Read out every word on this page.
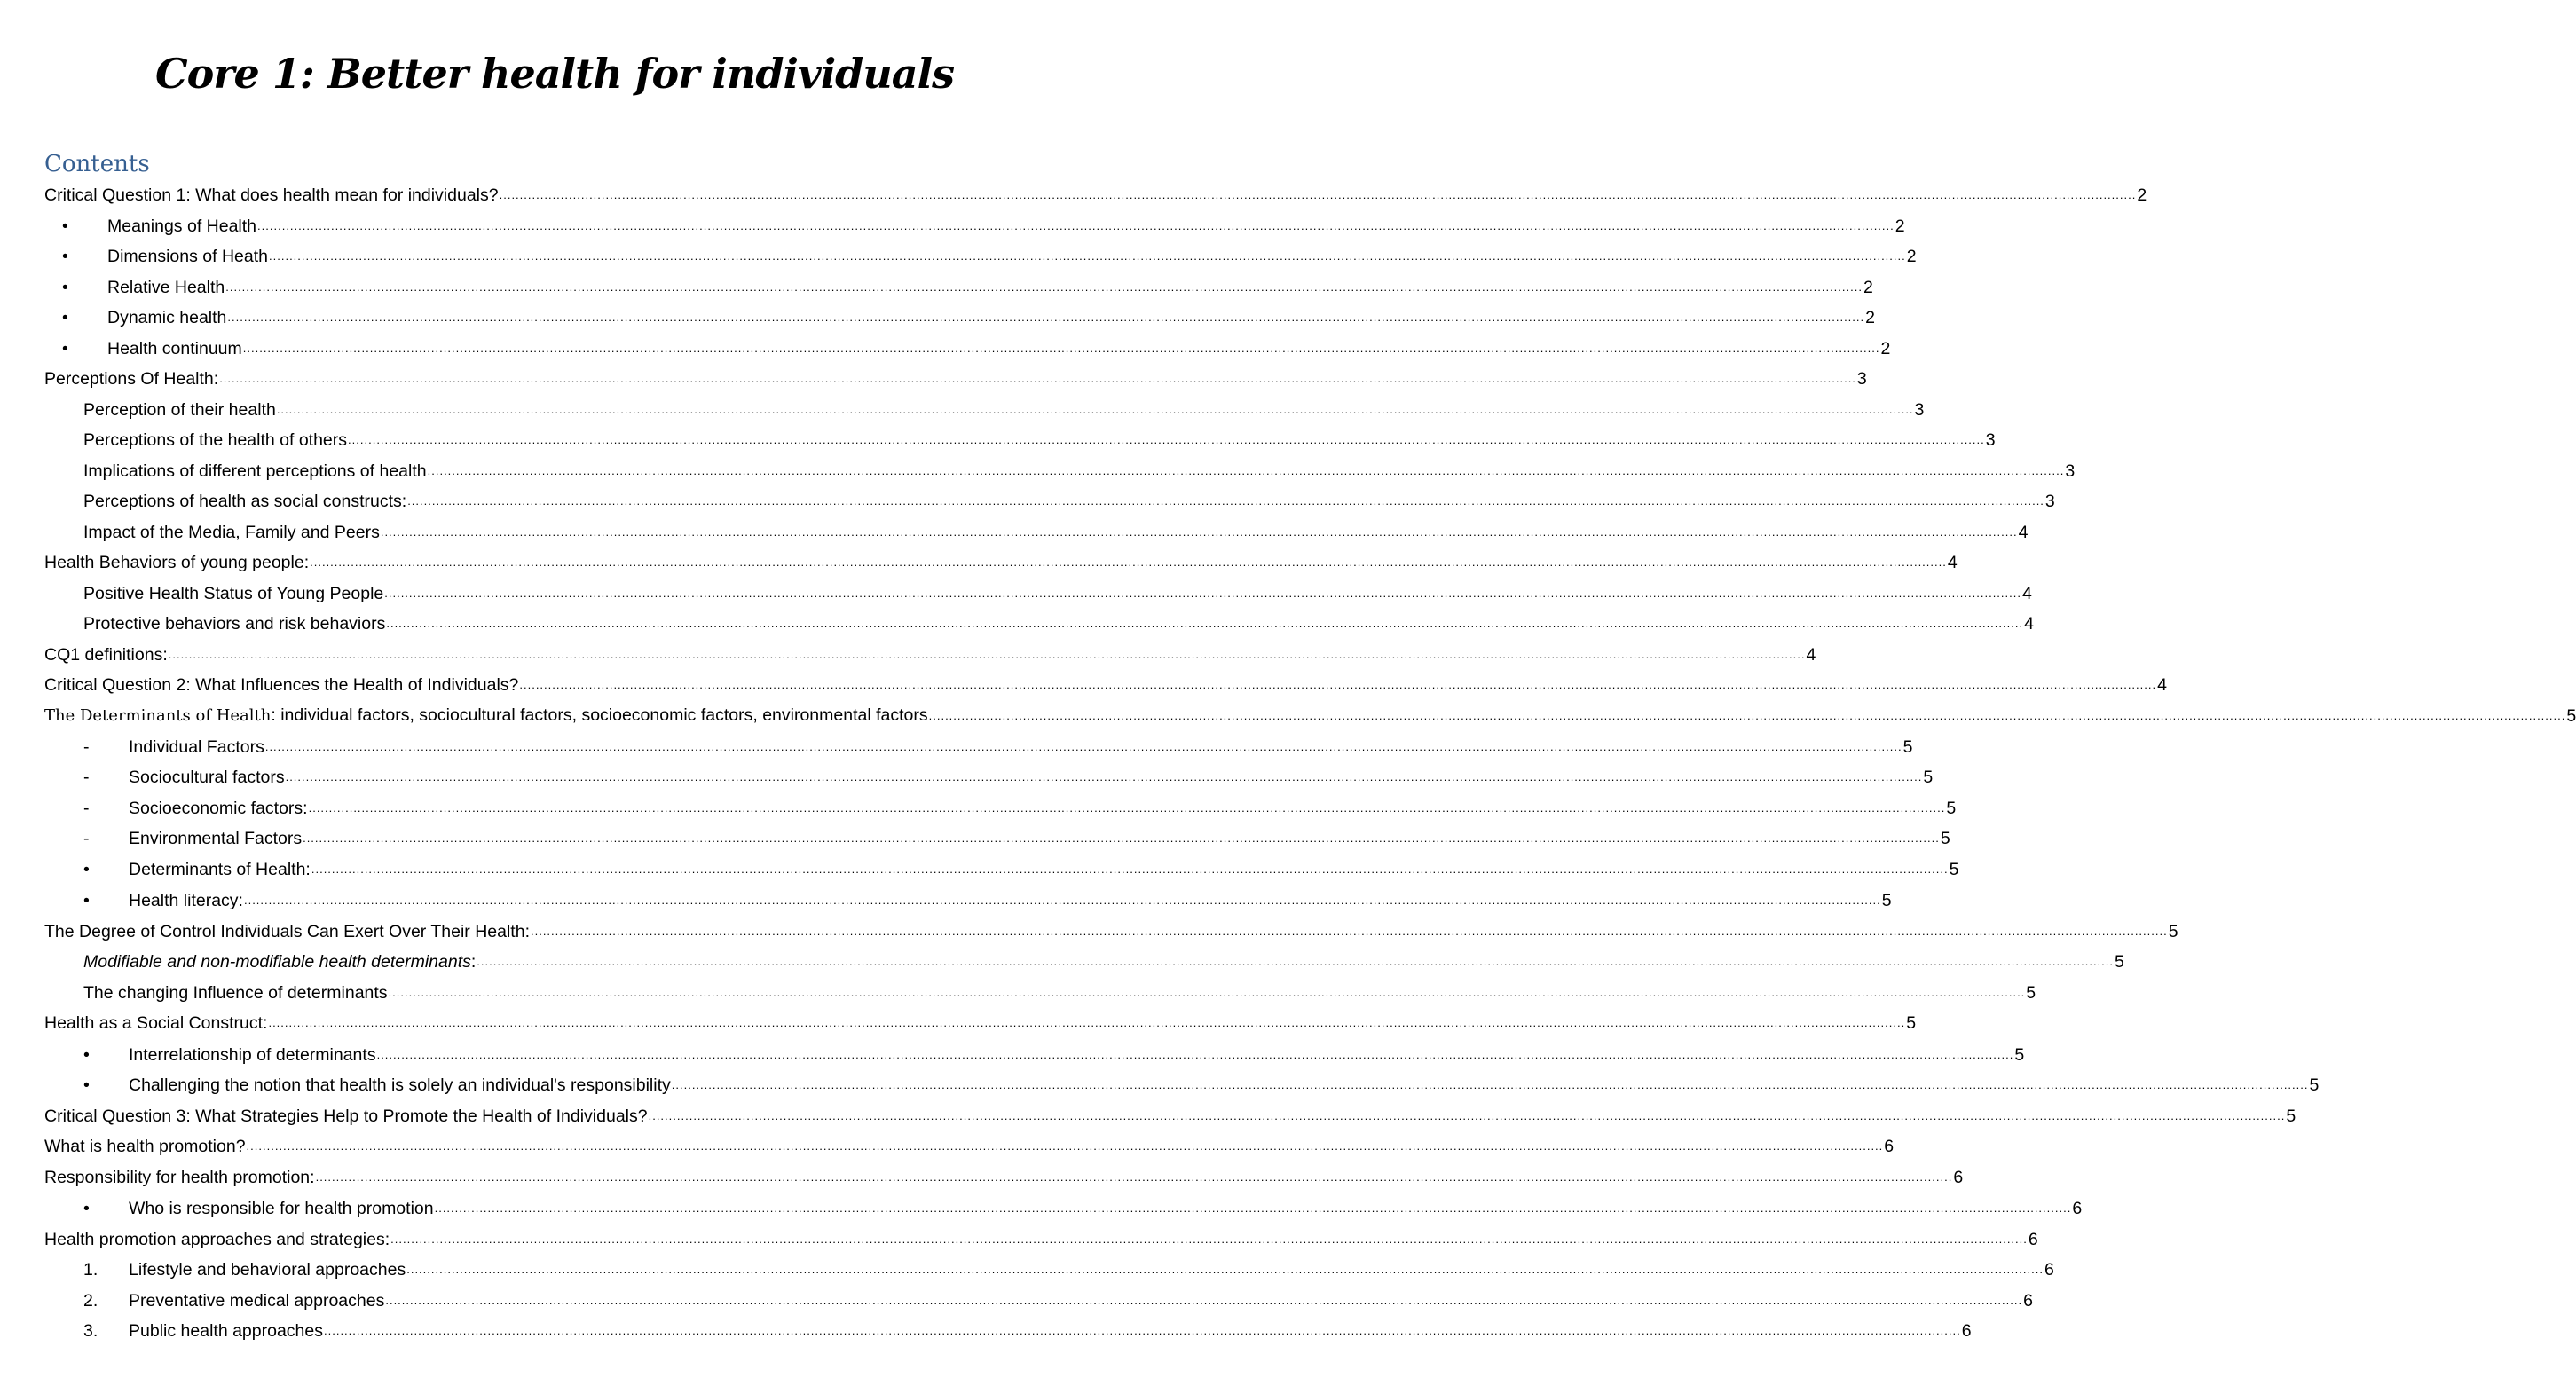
Core 1: Better health for individuals
Contents
Critical Question 1: What does health mean for individuals? ................................................................................................................................................................................................................................................................................................................................................................................................................ 2
•	Meanings of Health ................................................................................................................................................................................................................................................................................................................................................................................................................ 2
•	Dimensions of Heath ................................................................................................................................................................................................................................................................................................................................................................................................................ 2
•	Relative Health ................................................................................................................................................................................................................................................................................................................................................................................................................ 2
•	Dynamic health ................................................................................................................................................................................................................................................................................................................................................................................................................ 2
•	Health continuum ................................................................................................................................................................................................................................................................................................................................................................................................................ 2
Perceptions Of Health: ................................................................................................................................................................................................................................................................................................................................................................................................................ 3
Perception of their health ................................................................................................................................................................................................................................................................................................................................................................................................................ 3
Perceptions of the health of others ................................................................................................................................................................................................................................................................................................................................................................................................................ 3
Implications of different perceptions of health ................................................................................................................................................................................................................................................................................................................................................................................................................ 3
Perceptions of health as social constructs: ................................................................................................................................................................................................................................................................................................................................................................................................................ 3
Impact of the Media, Family and Peers ................................................................................................................................................................................................................................................................................................................................................................................................................ 4
Health Behaviors of young people: ................................................................................................................................................................................................................................................................................................................................................................................................................ 4
Positive Health Status of Young People ................................................................................................................................................................................................................................................................................................................................................................................................................ 4
Protective behaviors and risk behaviors ................................................................................................................................................................................................................................................................................................................................................................................................................ 4
CQ1 definitions: ................................................................................................................................................................................................................................................................................................................................................................................................................ 4
Critical Question 2: What Influences the Health of Individuals? ................................................................................................................................................................................................................................................................................................................................................................................................................ 4
The Determinants of Health: individual factors, sociocultural factors, socioeconomic factors, environmental factors ................................................................................................................................................................................................................................................................................................................................................................................................................ 5
-	Individual Factors ................................................................................................................................................................................................................................................................................................................................................................................................................ 5
-	Sociocultural factors ................................................................................................................................................................................................................................................................................................................................................................................................................ 5
-	Socioeconomic factors: ................................................................................................................................................................................................................................................................................................................................................................................................................ 5
-	Environmental Factors ................................................................................................................................................................................................................................................................................................................................................................................................................ 5
•	Determinants of Health: ................................................................................................................................................................................................................................................................................................................................................................................................................ 5
•	Health literacy: ................................................................................................................................................................................................................................................................................................................................................................................................................ 5
The Degree of Control Individuals Can Exert Over Their Health: ................................................................................................................................................................................................................................................................................................................................................................................................................ 5
Modifiable and non-modifiable health determinants: ................................................................................................................................................................................................................................................................................................................................................................................................................ 5
The changing Influence of determinants ................................................................................................................................................................................................................................................................................................................................................................................................................ 5
Health as a Social Construct: ................................................................................................................................................................................................................................................................................................................................................................................................................ 5
•	Interrelationship of determinants ................................................................................................................................................................................................................................................................................................................................................................................................................ 5
•	Challenging the notion that health is solely an individual's responsibility ................................................................................................................................................................................................................................................................................................................................................................................................................ 5
Critical Question 3: What Strategies Help to Promote the Health of Individuals? ................................................................................................................................................................................................................................................................................................................................................................................................................ 5
What is health promotion? ................................................................................................................................................................................................................................................................................................................................................................................................................ 6
Responsibility for health promotion: ................................................................................................................................................................................................................................................................................................................................................................................................................ 6
•	Who is responsible for health promotion ................................................................................................................................................................................................................................................................................................................................................................................................................ 6
Health promotion approaches and strategies: ................................................................................................................................................................................................................................................................................................................................................................................................................ 6
1.	Lifestyle and behavioral approaches ................................................................................................................................................................................................................................................................................................................................................................................................................ 6
2.	Preventative medical approaches ................................................................................................................................................................................................................................................................................................................................................................................................................ 6
3.	Public health approaches ................................................................................................................................................................................................................................................................................................................................................................................................................ 6
